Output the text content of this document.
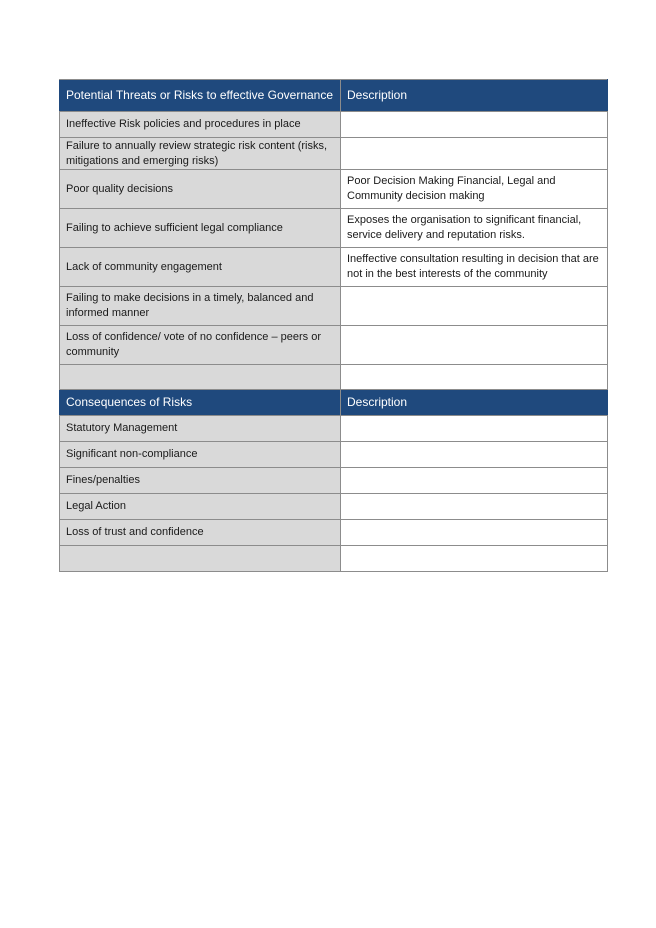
Potential Threats or Risks to effective Governance	Description
Ineffective Risk policies and procedures in place	
Failure to annually review strategic risk content (risks, mitigations and emerging risks)	
Poor quality decisions	Poor Decision Making Financial, Legal and Community decision making
Failing to achieve sufficient legal compliance	Exposes the organisation to significant financial, service delivery and reputation risks.
Lack of community engagement	Ineffective consultation resulting in decision that are not in the best interests of the community
Failing to make decisions in a timely, balanced and informed manner	
Loss of confidence/ vote of no confidence – peers or community	

Consequences of Risks	Description
Statutory Management	
Significant non-compliance	
Fines/penalties	
Legal Action	
Loss of trust and confidence	
